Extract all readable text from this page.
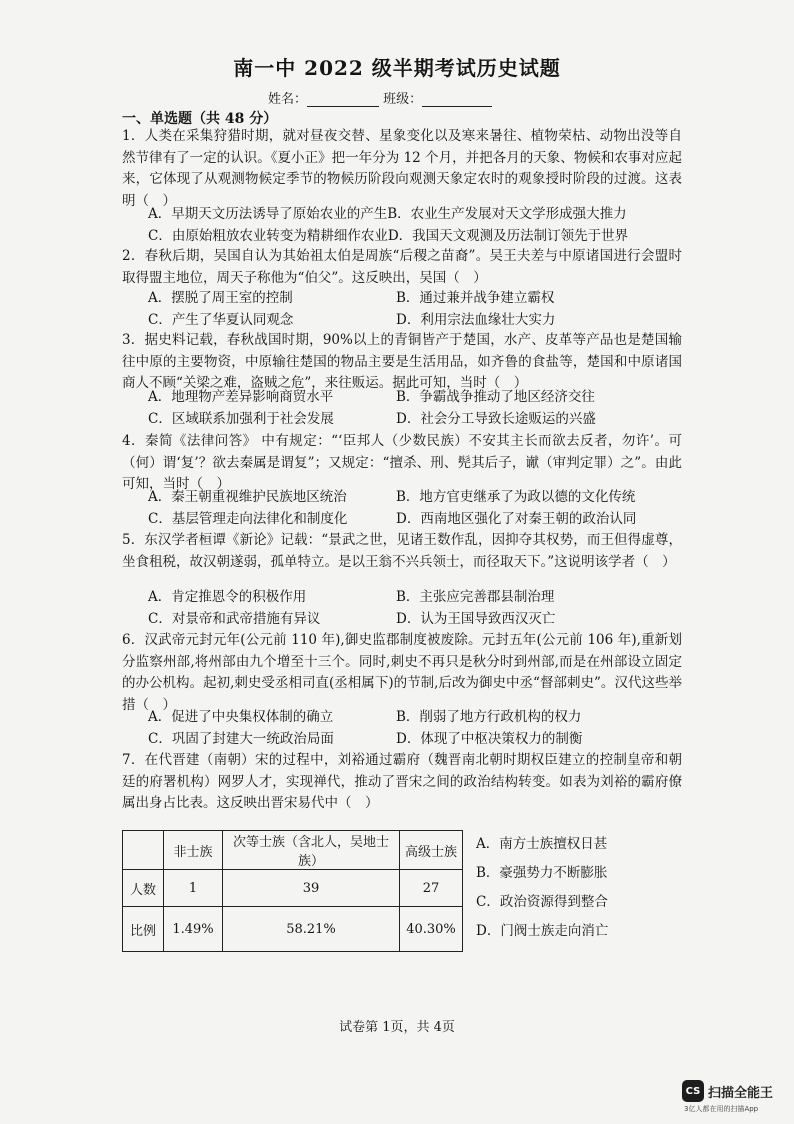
南一中 2022 级半期考试历史试题
姓名：	班级：
一、单选题（共 48 分）
1．人类在采集狩猎时期，就对昼夜交替、星象变化以及寒来暑往、植物荣枯、动物出没等自然节律有了一定的认识。《夏小正》把一年分为 12 个月，并把各月的天象、物候和农事对应起来，它体现了从观测物候定季节的物候历阶段向观测天象定农时的观象授时阶段的过渡。这表明（　）
A．早期天文历法诱导了原始农业的产生 B．农业生产发展对天文学形成强大推力
C．由原始粗放农业转变为精耕细作农业 D．我国天文观测及历法制订领先于世界
2．春秋后期，吴国自认为其始祖太伯是周族“后稷之苗裔”。吴王夫差与中原诸国进行会盟时取得盟主地位，周天子称他为“伯父”。这反映出，吴国（　）
A．摆脱了周王室的控制	B．通过兼并战争建立霸权
C．产生了华夏认同观念	D．利用宗法血缘壮大实力
3．据史料记载，春秋战国时期，90%以上的青铜皆产于楚国，水产、皮革等产品也是楚国输往中原的主要物资，中原输往楚国的物品主要是生活用品，如齐鲁的食盐等，楚国和中原诸国商人不顾“关梁之难，盗贼之危”，来往贩运。据此可知，当时（　）
A．地理物产差异影响商贸水平	B．争霸战争推动了地区经济交往
C．区域联系加强利于社会发展	D．社会分工导致长途贩运的兴盛
4．秦简《法律问答》 中有规定：“‘臣邦人（少数民族）不安其主长而欲去反者，勿许’。可（何）谓‘复’？欲去秦属是谓复”；又规定：“擅杀、刑、髡其后子，谳（审判定罪）之”。由此可知，当时（　）
A．秦王朝重视维护民族地区统治	B．地方官吏继承了为政以德的文化传统
C．基层管理走向法律化和制度化	D．西南地区强化了对秦王朝的政治认同
5．东汉学者桓谭《新论》记载：“景武之世，见诸王数作乱，因抑夺其权势，而王但得虚尊，坐食租税，故汉朝遂弱，孤单特立。是以王翁不兴兵领士，而径取天下。”这说明该学者（　）
A．肯定推恩令的积极作用	B．主张应完善郡县制治理
C．对景帝和武帝措施有异议	D．认为王国导致西汉灭亡
6．汉武帝元封元年(公元前 110 年),御史监郡制度被废除。元封五年(公元前 106 年),重新划分监察州部,将州部由九个增至十三个。同时,刺史不再只是秋分时到州部,而是在州部设立固定的办公机构。起初,刺史受丞相司直(丞相属下)的节制,后改为御史中丞“督部刺史”。汉代这些举措（　）
A．促进了中央集权体制的确立	B．削弱了地方行政机构的权力
C．巩固了封建大一统政治局面	D．体现了中枢决策权力的制衡
7．在代晋建（南朝）宋的过程中，刘裕通过霸府（魏晋南北朝时期权臣建立的控制皇帝和朝廷的府署机构）网罗人才，实现禅代，推动了晋宋之间的政治结构转变。如表为刘裕的霸府僚属出身占比表。这反映出晋宋易代中（　）
	非士族	次等士族（含北人，吴地士族）	高级士族
人数	1	39	27
比例	1.49%	58.21%	40.30%
A．南方士族擅权日甚
B．豪强势力不断膨胀
C．政治资源得到整合
D．门阀士族走向消亡
试卷第 1页，共 4页
CS 扫描全能王
3亿人都在用的扫描App
